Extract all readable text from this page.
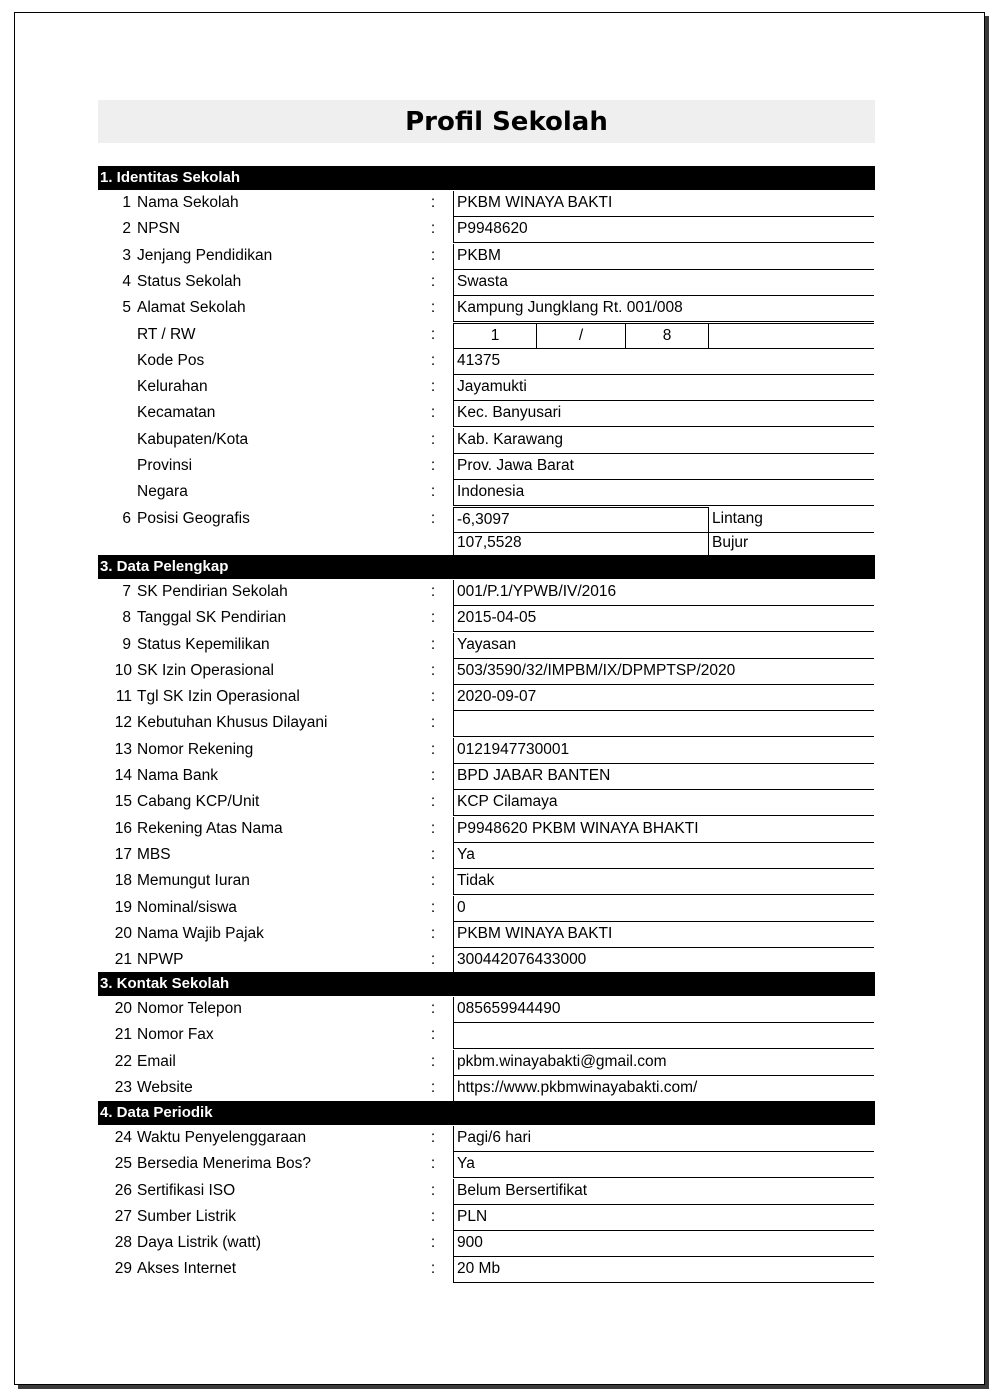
Profil Sekolah
1. Identitas Sekolah
1 Nama Sekolah	: PKBM WINAYA BAKTI
2 NPSN	: P9948620
3 Jenjang Pendidikan	: PKBM
4 Status Sekolah	: Swasta
5 Alamat Sekolah	: Kampung Jungklang Rt. 001/008
RT / RW	:	1	/	8
Kode Pos	: 41375
Kelurahan	: Jayamukti
Kecamatan	: Kec. Banyusari
Kabupaten/Kota	: Kab. Karawang
Provinsi	: Prov. Jawa Barat
Negara	: Indonesia
6 Posisi Geografis	: -6,3097	Lintang
107,5528	Bujur
3. Data Pelengkap
7 SK Pendirian Sekolah	: 001/P.1/YPWB/IV/2016
8 Tanggal SK Pendirian	: 2015-04-05
9 Status Kepemilikan	: Yayasan
10 SK Izin Operasional	: 503/3590/32/IMPBM/IX/DPMPTSP/2020
11 Tgl SK Izin Operasional	: 2020-09-07
12 Kebutuhan Khusus Dilayani	:
13 Nomor Rekening	: 0121947730001
14 Nama Bank	: BPD JABAR BANTEN
15 Cabang KCP/Unit	: KCP Cilamaya
16 Rekening Atas Nama	: P9948620 PKBM WINAYA BHAKTI
17 MBS	: Ya
18 Memungut Iuran	: Tidak
19 Nominal/siswa	: 0
20 Nama Wajib Pajak	: PKBM WINAYA BAKTI
21 NPWP	: 300442076433000
3. Kontak Sekolah
20 Nomor Telepon	: 085659944490
21 Nomor Fax	:
22 Email	: pkbm.winayabakti@gmail.com
23 Website	: https://www.pkbmwinayabakti.com/
4. Data Periodik
24 Waktu Penyelenggaraan	: Pagi/6 hari
25 Bersedia Menerima Bos?	: Ya
26 Sertifikasi ISO	: Belum Bersertifikat
27 Sumber Listrik	: PLN
28 Daya Listrik (watt)	: 900
29 Akses Internet	: 20 Mb
